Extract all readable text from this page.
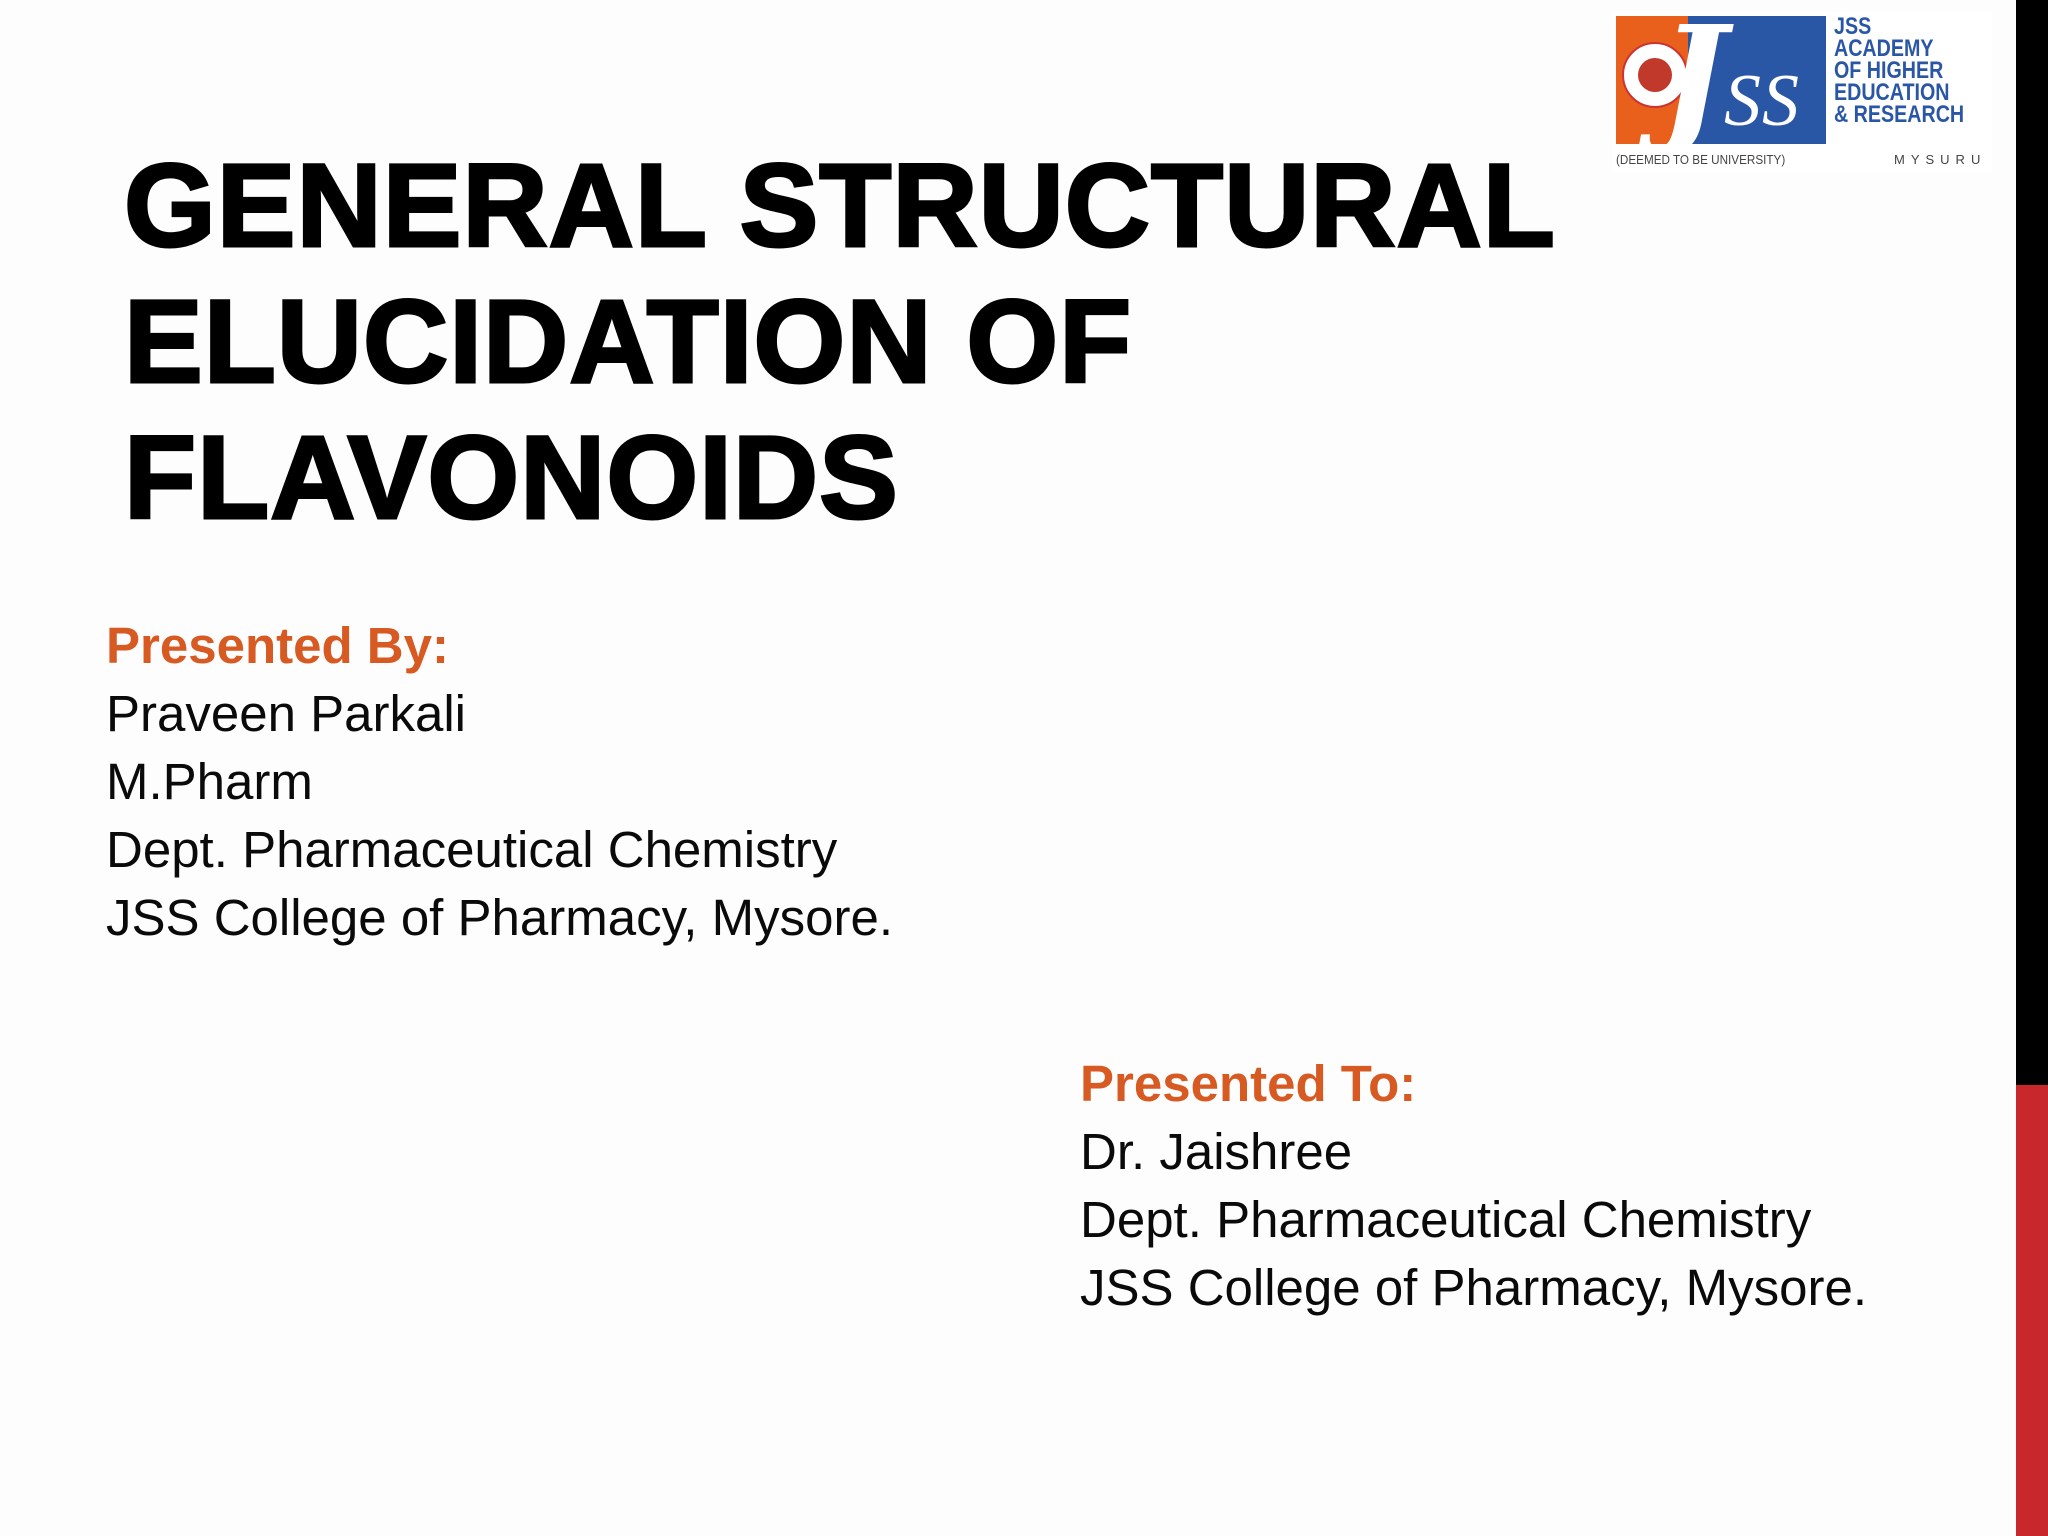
J
SS
JSS
ACADEMY
OF HIGHER
EDUCATION
& RESEARCH
(DEEMED TO BE UNIVERSITY)	MYSURU
GENERAL STRUCTURAL
ELUCIDATION OF
FLAVONOIDS
Presented By:
Praveen Parkali
M.Pharm
Dept. Pharmaceutical Chemistry
JSS College of Pharmacy, Mysore.
Presented To:
Dr. Jaishree
Dept. Pharmaceutical Chemistry
JSS College of Pharmacy, Mysore.
